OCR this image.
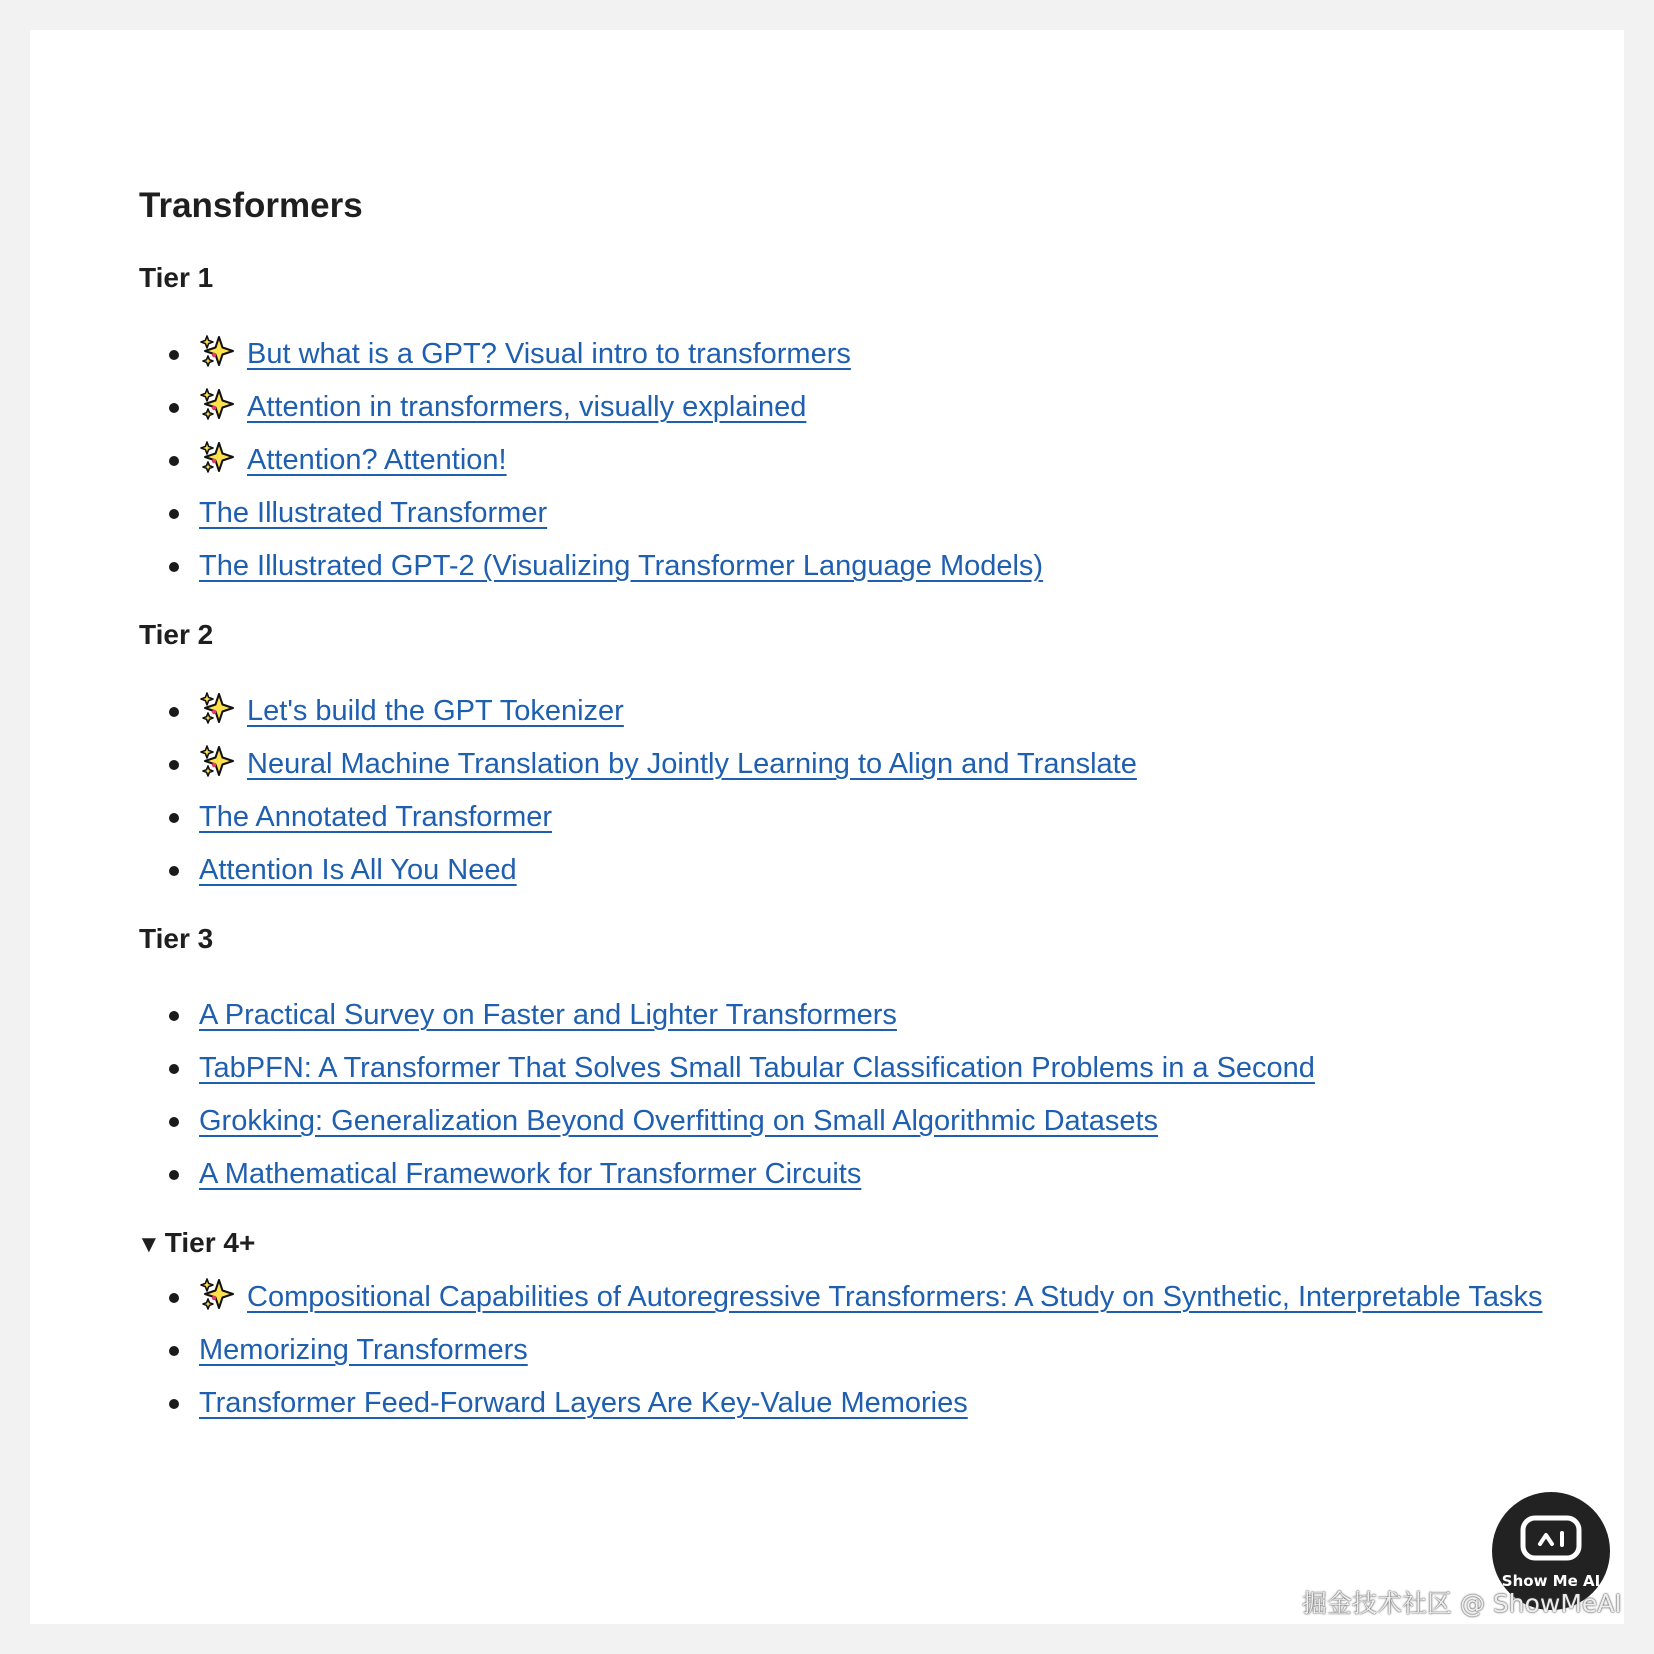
Transformers
Tier 1
But what is a GPT? Visual intro to transformers
Attention in transformers, visually explained
Attention? Attention!
The Illustrated Transformer
The Illustrated GPT-2 (Visualizing Transformer Language Models)
Tier 2
Let's build the GPT Tokenizer
Neural Machine Translation by Jointly Learning to Align and Translate
The Annotated Transformer
Attention Is All You Need
Tier 3
A Practical Survey on Faster and Lighter Transformers
TabPFN: A Transformer That Solves Small Tabular Classification Problems in a Second
Grokking: Generalization Beyond Overfitting on Small Algorithmic Datasets
A Mathematical Framework for Transformer Circuits
▼ Tier 4+
Compositional Capabilities of Autoregressive Transformers: A Study on Synthetic, Interpretable Tasks
Memorizing Transformers
Transformer Feed-Forward Layers Are Key-Value Memories
Show Me AI
掘金技术社区 @ ShowMeAI
